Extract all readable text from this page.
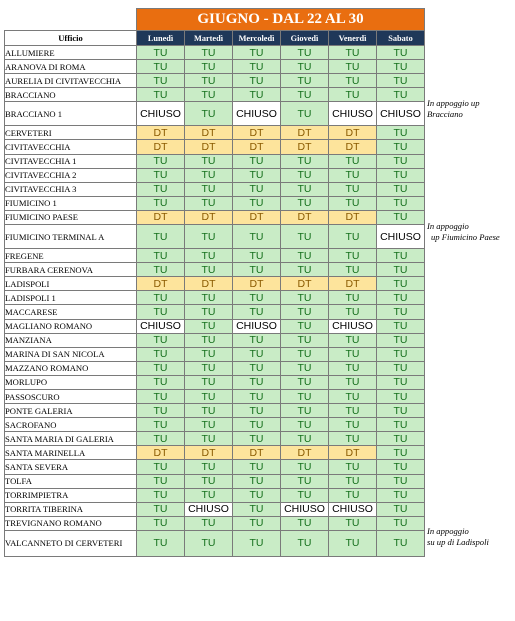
	GIUGNO - DAL 22 AL 30					
Ufficio	Lunedì	Martedì	Mercoledì	Giovedì	Venerdì	Sabato
ALLUMIERE	TU	TU	TU	TU	TU	TU
ARANOVA DI ROMA	TU	TU	TU	TU	TU	TU
AURELIA DI CIVITAVECCHIA	TU	TU	TU	TU	TU	TU
BRACCIANO	TU	TU	TU	TU	TU	TU
BRACCIANO 1	CHIUSO	TU	CHIUSO	TU	CHIUSO	CHIUSO
CERVETERI	DT	DT	DT	DT	DT	TU
CIVITAVECCHIA	DT	DT	DT	DT	DT	TU
CIVITAVECCHIA 1	TU	TU	TU	TU	TU	TU
CIVITAVECCHIA 2	TU	TU	TU	TU	TU	TU
CIVITAVECCHIA 3	TU	TU	TU	TU	TU	TU
FIUMICINO 1	TU	TU	TU	TU	TU	TU
FIUMICINO PAESE	DT	DT	DT	DT	DT	TU
FIUMICINO TERMINAL A	TU	TU	TU	TU	TU	CHIUSO
FREGENE	TU	TU	TU	TU	TU	TU
FURBARA CERENOVA	TU	TU	TU	TU	TU	TU
LADISPOLI	DT	DT	DT	DT	DT	TU
LADISPOLI 1	TU	TU	TU	TU	TU	TU
MACCARESE	TU	TU	TU	TU	TU	TU
MAGLIANO ROMANO	CHIUSO	TU	CHIUSO	TU	CHIUSO	TU
MANZIANA	TU	TU	TU	TU	TU	TU
MARINA DI SAN NICOLA	TU	TU	TU	TU	TU	TU
MAZZANO ROMANO	TU	TU	TU	TU	TU	TU
MORLUPO	TU	TU	TU	TU	TU	TU
PASSOSCURO	TU	TU	TU	TU	TU	TU
PONTE GALERIA	TU	TU	TU	TU	TU	TU
SACROFANO	TU	TU	TU	TU	TU	TU
SANTA MARIA DI GALERIA	TU	TU	TU	TU	TU	TU
SANTA MARINELLA	DT	DT	DT	DT	DT	TU
SANTA SEVERA	TU	TU	TU	TU	TU	TU
TOLFA	TU	TU	TU	TU	TU	TU
TORRIMPIETRA	TU	TU	TU	TU	TU	TU
TORRITA TIBERINA	TU	CHIUSO	TU	CHIUSO	CHIUSO	TU
TREVIGNANO ROMANO	TU	TU	TU	TU	TU	TU
VALCANNETO DI CERVETERI	TU	TU	TU	TU	TU	TU
In appoggio up
Bracciano
In appoggio
up Fiumicino Paese
In appoggio
su up di Ladispoli
